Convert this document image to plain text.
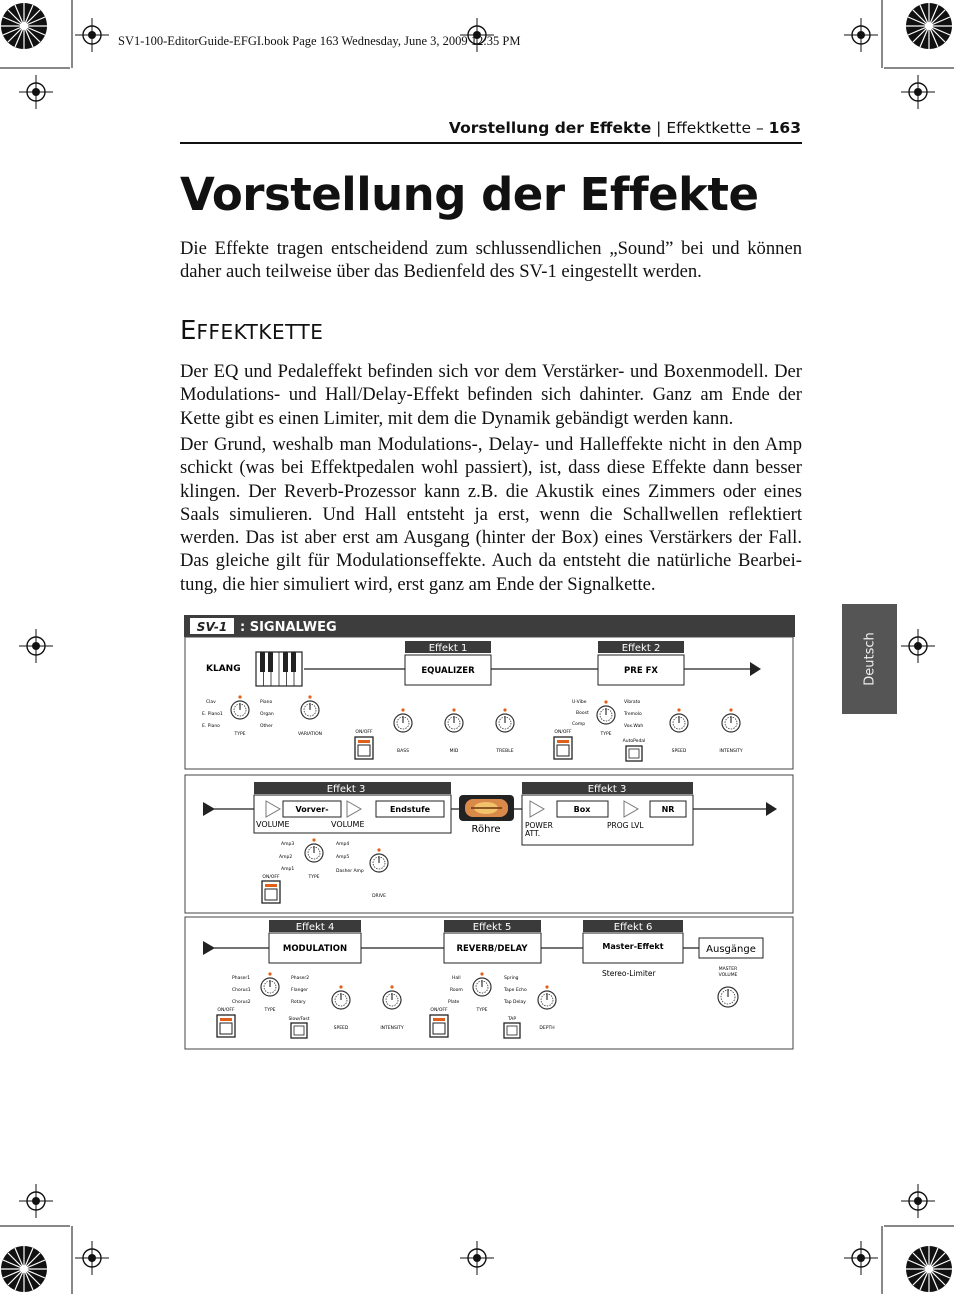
SV1-100-EditorGuide-EFGI.book Page 163 Wednesday, June 3, 2009 12:35 PM
Vorstellung der Effekte | Effektkette – 163
Vorstellung der Effekte

Die Effekte tragen entscheidend zum schlussendlichen „Sound” bei und können daher auch teilweise über das Bedienfeld des SV-1 eingestellt werden.

EFFEKTKETTE

Der EQ und Pedaleffekt befinden sich vor dem Verstärker- und Boxenmodell. Der Modulations- und Hall/Delay-Effekt befinden sich dahinter. Ganz am Ende der Kette gibt es einen Limiter, mit dem die Dynamik gebändigt werden kann.

Der Grund, weshalb man Modulations-, Delay- und Halleffekte nicht in den Amp schickt (was bei Effektpedalen wohl passiert), ist, dass diese Effekte dann besser klingen. Der Reverb-Prozessor kann z.B. die Akustik eines Zimmers oder eines Saals simulieren. Und Hall entsteht ja erst, wenn die Schallwellen reflektiert werden. Das ist aber erst am Ausgang (hinter der Box) eines Verstärkers der Fall. Das gleiche gilt für Modulationseffekte. Auch da entsteht die natürliche Bearbei-tung, die hier simuliert wird, erst ganz am Ende der Signalkette.

Deutsch
SV-1 : SIGNALWEG
KLANG
Effekt 1
EQUALIZER
Effekt 2
PRE FX
Clav
E. Piano1
E. Piano
Piano
Organ
Other
TYPE	VARIATION	ON/OFF
BASS	MID	TREBLE
ON/OFF
U-Vibe
Comp
Vibrato
Tremolo
Vox.Wah
Boost
TYPE
AutoPedal
SPEED	INTENSITY
Effekt 3
Vorver-	Endstufe
VOLUME	VOLUME	Röhre
Effekt 3
Box	NR
POWER
ATT.
PROG LVL
Amp3
Amp2
Amp1
Amp4
Amp5
Dasher Amp
TYPE
ON/OFF
DRIVE
Effekt 4
MODULATION
Effekt 5
REVERB/DELAY
Effekt 6
Master-Effekt
Stereo-Limiter
Ausgänge
Phaser1
Chorus1
Chorus2
Phaser2
Flanger
Rotary
TYPE
ON/OFF
Slow/Fast
SPEED	INTENSITY
ON/OFF
Hall
Room
Spring
Tape Echo
Tap Delay
Plate
TYPE
TAP
DEPTH
MASTER
VOLUME
